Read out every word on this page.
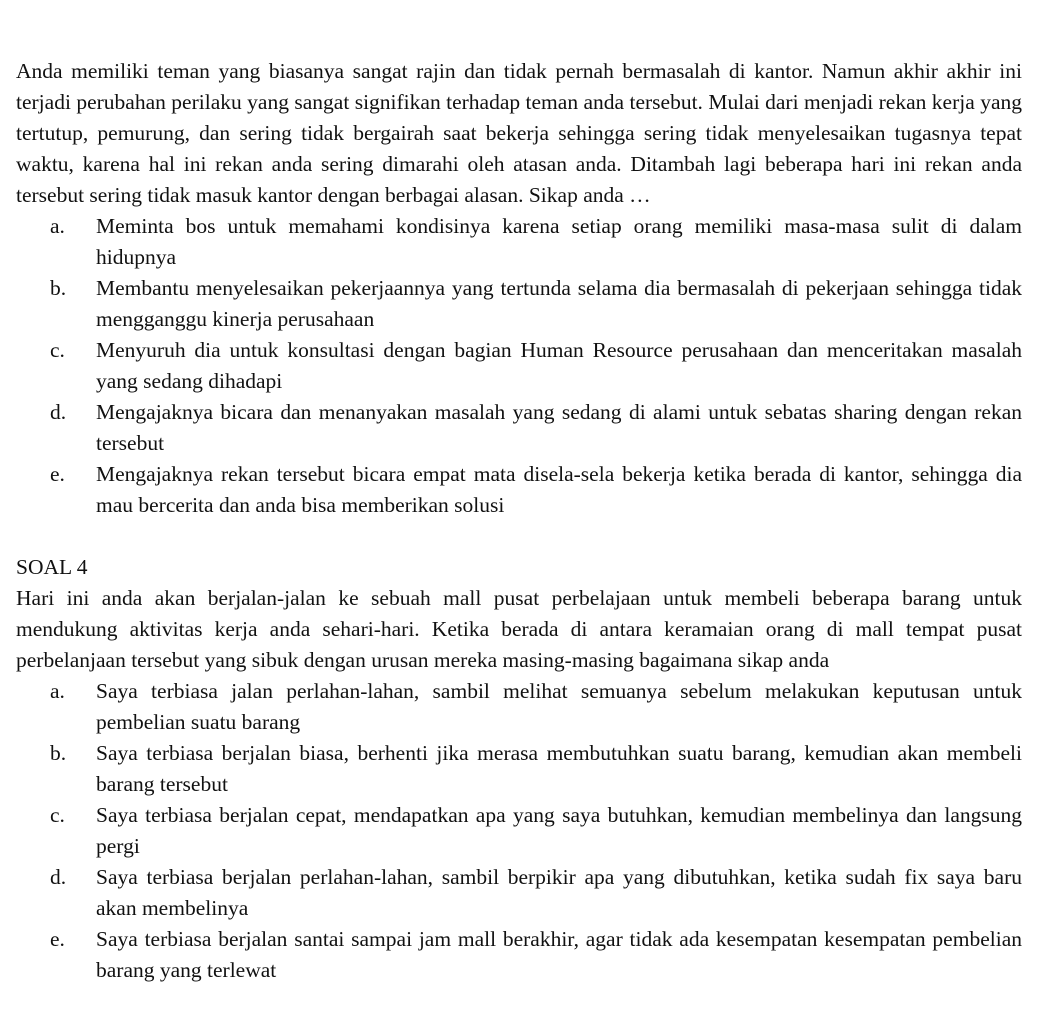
Anda memiliki teman yang biasanya sangat rajin dan tidak pernah bermasalah di kantor. Namun akhir akhir ini terjadi perubahan perilaku yang sangat signifikan terhadap teman anda tersebut. Mulai dari menjadi rekan kerja yang tertutup, pemurung, dan sering tidak bergairah saat bekerja sehingga sering tidak menyelesaikan tugasnya tepat waktu, karena hal ini rekan anda sering dimarahi oleh atasan anda. Ditambah lagi beberapa hari ini rekan anda tersebut sering tidak masuk kantor dengan berbagai alasan. Sikap anda …

a. Meminta bos untuk memahami kondisinya karena setiap orang memiliki masa-masa sulit di dalam hidupnya
b. Membantu menyelesaikan pekerjaannya yang tertunda selama dia bermasalah di pekerjaan sehingga tidak mengganggu kinerja perusahaan
c. Menyuruh dia untuk konsultasi dengan bagian Human Resource perusahaan dan menceritakan masalah yang sedang dihadapi
d. Mengajaknya bicara dan menanyakan masalah yang sedang di alami untuk sebatas sharing dengan rekan tersebut
e. Mengajaknya rekan tersebut bicara empat mata disela-sela bekerja ketika berada di kantor, sehingga dia mau bercerita dan anda bisa memberikan solusi

SOAL 4

Hari ini anda akan berjalan-jalan ke sebuah mall pusat perbelajaan untuk membeli beberapa barang untuk mendukung aktivitas kerja anda sehari-hari. Ketika berada di antara keramaian orang di mall tempat pusat perbelanjaan tersebut yang sibuk dengan urusan mereka masing-masing bagaimana sikap anda

a. Saya terbiasa jalan perlahan-lahan, sambil melihat semuanya sebelum melakukan keputusan untuk pembelian suatu barang
b. Saya terbiasa berjalan biasa, berhenti jika merasa membutuhkan suatu barang, kemudian akan membeli barang tersebut
c. Saya terbiasa berjalan cepat, mendapatkan apa yang saya butuhkan, kemudian membelinya dan langsung pergi
d. Saya terbiasa berjalan perlahan-lahan, sambil berpikir apa yang dibutuhkan, ketika sudah fix saya baru akan membelinya
e. Saya terbiasa berjalan santai sampai jam mall berakhir, agar tidak ada kesempatan kesempatan pembelian barang yang terlewat
